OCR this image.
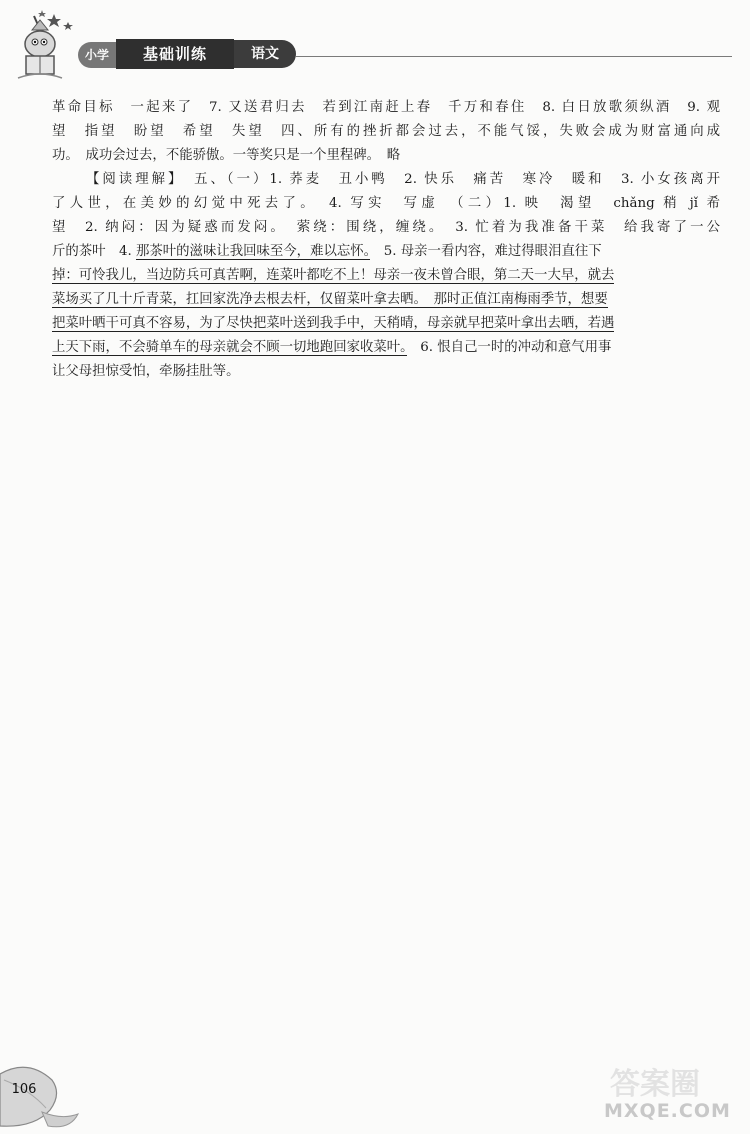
小学	基础训练	语文
革命目标　一起来了　7. 又送君归去　若到江南赶上春　千万和春住　8. 白日放歌须纵酒　9. 观
望　指望　盼望　希望　失望　四、所有的挫折都会过去，不能气馁，失败会成为财富通向成
功。　成功会过去，不能骄傲。一等奖只是一个里程碑。　略
【阅读理解】　五、（一）1. 荞麦　丑小鸭　2. 快乐　痛苦　寒冷　暖和　3. 小女孩离开
了人世，在美妙的幻觉中死去了。　4. 写实　写虚　（二）1. 映　渴望　chǎng 稍 jǐ 希
望　2. 纳闷：因为疑惑而发闷。　萦绕：围绕，缠绕。　3. 忙着为我准备干菜　给我寄了一公
斤的茶叶　4. 那茶叶的滋味让我回味至今，难以忘怀。　5. 母亲一看内容，难过得眼泪直往下
掉：可怜我儿，当边防兵可真苦啊，连菜叶都吃不上！母亲一夜未曾合眼，第二天一大早，就去
菜场买了几十斤青菜，扛回家洗净去根去杆，仅留菜叶拿去晒。　那时正值江南梅雨季节，想要
把菜叶晒干可真不容易，为了尽快把菜叶送到我手中，天稍晴，母亲就早把菜叶拿出去晒，若遇
上天下雨，不会骑单车的母亲就会不顾一切地跑回家收菜叶。　6. 恨自己一时的冲动和意气用事
让父母担惊受怕，牵肠挂肚等。
106	答案圈
MXQE.COM
